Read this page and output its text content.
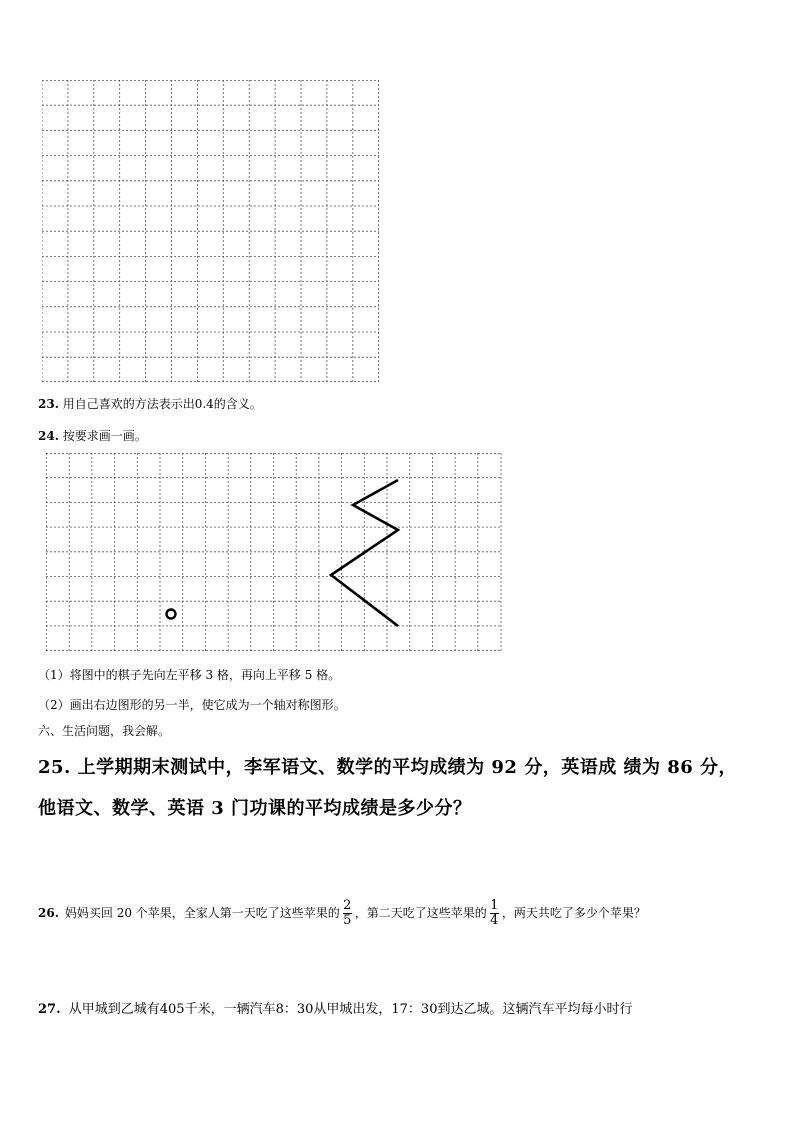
23. 用自己喜欢的方法表示出0.4的含义。
24. 按要求画一画。
（1）将图中的棋子先向左平移 3 格，再向上平移 5 格。
（2）画出右边图形的另一半，使它成为一个轴对称图形。
六、生活问题，我会解。
25. 上学期期末测试中，李军语文、数学的平均成绩为 92 分，英语成 绩为 86 分，
他语文、数学、英语 3 门功课的平均成绩是多少分？
26. 妈妈买回 20 个苹果，全家人第一天吃了这些苹果的 $\frac{2}{5}$ ，第二天吃了这些苹果的 $\frac{1}{4}$ ，两天共吃了多少个苹果？
27. 从甲城到乙城有405千米，一辆汽车8：30从甲城出发，17：30到达乙城。这辆汽车平均每小时行
